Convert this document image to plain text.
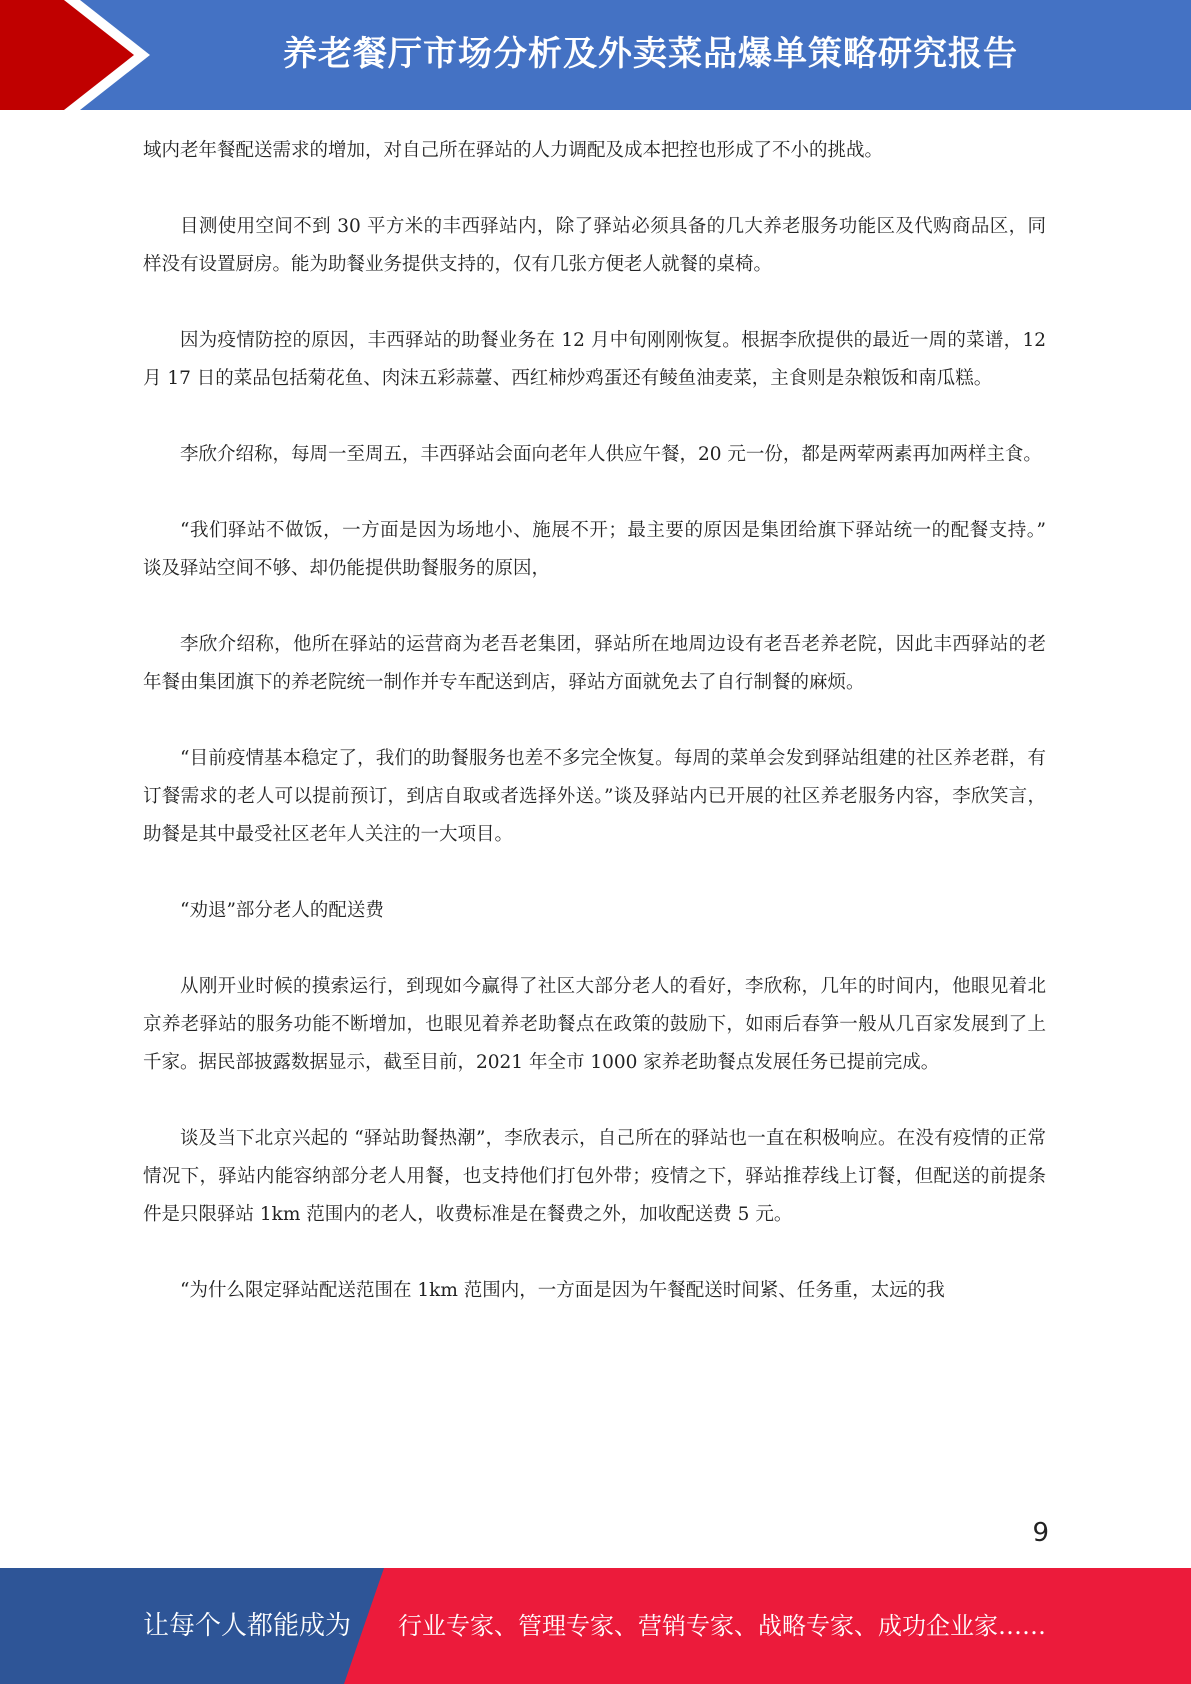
养老餐厅市场分析及外卖菜品爆单策略研究报告

域内老年餐配送需求的增加，对自己所在驿站的人力调配及成本把控也形成了不小的挑战。

目测使用空间不到 30 平方米的丰西驿站内，除了驿站必须具备的几大养老服务功能区及代购商品区，同样没有设置厨房。能为助餐业务提供支持的，仅有几张方便老人就餐的桌椅。

因为疫情防控的原因，丰西驿站的助餐业务在 12 月中旬刚刚恢复。根据李欣提供的最近一周的菜谱，12 月 17 日的菜品包括菊花鱼、肉沫五彩蒜薹、西红柿炒鸡蛋还有鲮鱼油麦菜，主食则是杂粮饭和南瓜糕。

李欣介绍称，每周一至周五，丰西驿站会面向老年人供应午餐，20 元一份，都是两荤两素再加两样主食。

“我们驿站不做饭，一方面是因为场地小、施展不开；最主要的原因是集团给旗下驿站统一的配餐支持。” 谈及驿站空间不够、却仍能提供助餐服务的原因，

李欣介绍称，他所在驿站的运营商为老吾老集团，驿站所在地周边设有老吾老养老院，因此丰西驿站的老年餐由集团旗下的养老院统一制作并专车配送到店，驿站方面就免去了自行制餐的麻烦。

“目前疫情基本稳定了，我们的助餐服务也差不多完全恢复。每周的菜单会发到驿站组建的社区养老群，有订餐需求的老人可以提前预订，到店自取或者选择外送。”谈及驿站内已开展的社区养老服务内容，李欣笑言，助餐是其中最受社区老年人关注的一大项目。

“劝退”部分老人的配送费

从刚开业时候的摸索运行，到现如今赢得了社区大部分老人的看好，李欣称，几年的时间内，他眼见着北京养老驿站的服务功能不断增加，也眼见着养老助餐点在政策的鼓励下，如雨后春笋一般从几百家发展到了上千家。据民部披露数据显示，截至目前，2021 年全市 1000 家养老助餐点发展任务已提前完成。

谈及当下北京兴起的 “驿站助餐热潮”，李欣表示，自己所在的驿站也一直在积极响应。在没有疫情的正常情况下，驿站内能容纳部分老人用餐，也支持他们打包外带；疫情之下，驿站推荐线上订餐，但配送的前提条件是只限驿站 1km 范围内的老人，收费标准是在餐费之外，加收配送费 5 元。

“为什么限定驿站配送范围在 1km 范围内，一方面是因为午餐配送时间紧、任务重，太远的我

9
让每个人都能成为 行业专家、管理专家、营销专家、战略专家、成功企业家……
